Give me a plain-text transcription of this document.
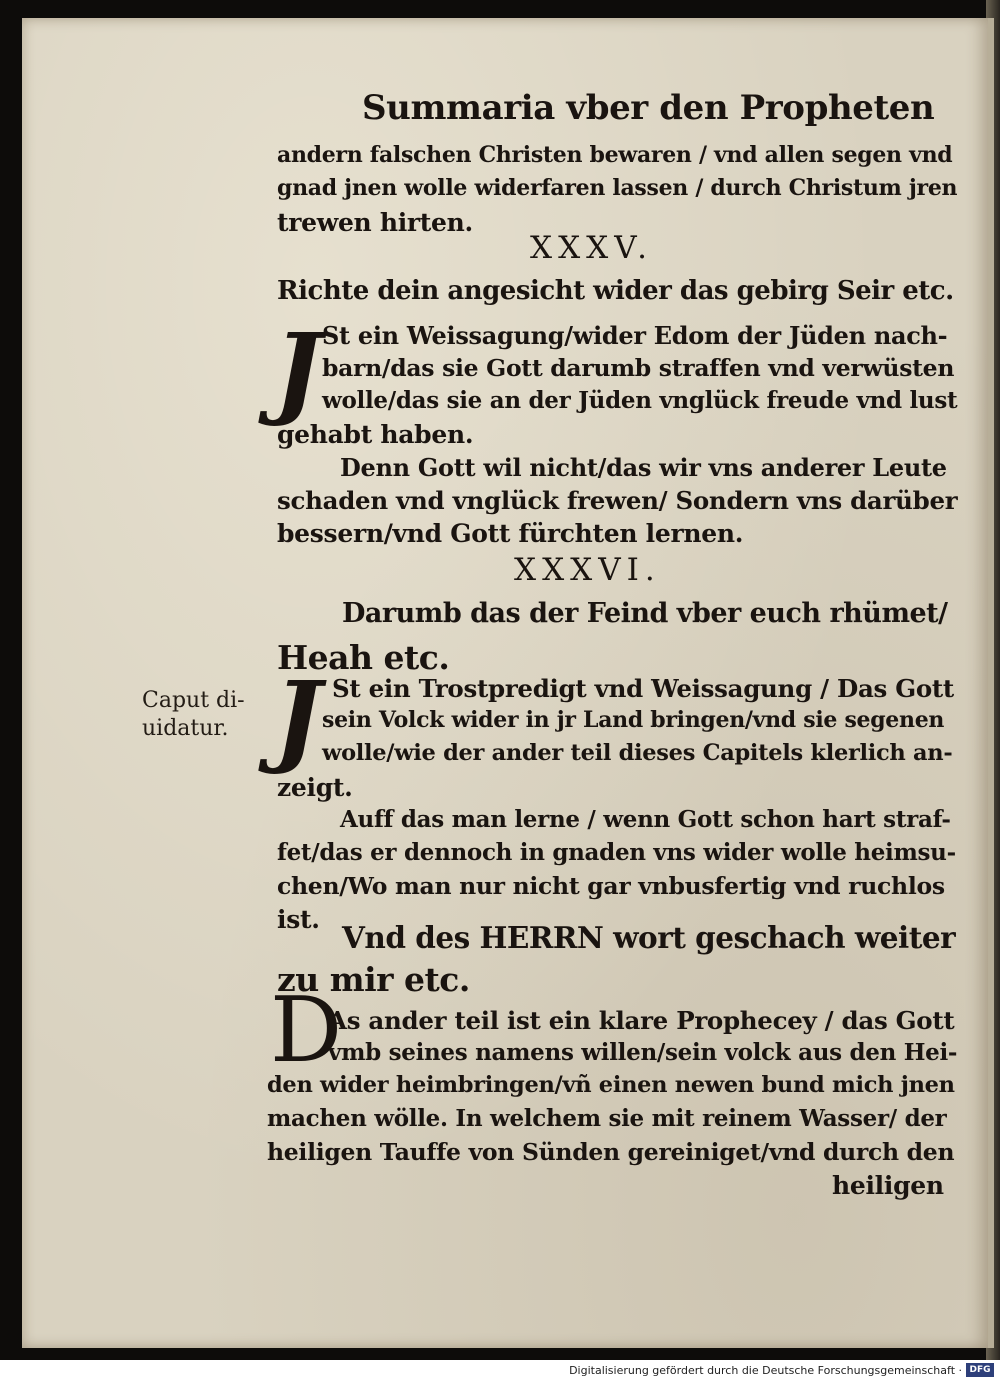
Summaria vber den Propheten
andern falschen Christen bewaren / vnd allen segen vnd
gnad jnen wolle widerfaren lassen / durch Christum jren
trewen hirten.
XXXV.
Richte dein angesicht wider das gebirg Seir etc.
J St ein Weissagung/wider Edom der Jüden nach-
barn/das sie Gott darumb straffen vnd verwüsten
wolle/das sie an der Jüden vnglück freude vnd lust
gehabt haben.
Denn Gott wil nicht/das wir vns anderer Leute
schaden vnd vnglück frewen/ Sondern vns darüber
bessern/vnd Gott fürchten lernen.
XXXVI.
Darumb das der Feind vber euch rhümet/
Heah etc.
Caput di-
uidatur. J St ein Trostpredigt vnd Weissagung / Das Gott
sein Volck wider in jr Land bringen/vnd sie segenen
wolle/wie der ander teil dieses Capitels klerlich an-
zeigt.
Auff das man lerne / wenn Gott schon hart straf-
fet/das er dennoch in gnaden vns wider wolle heimsu-
chen/Wo man nur nicht gar vnbusfertig vnd ruchlos
ist.
Vnd des HERRN wort geschach weiter
zu mir etc.
D
As ander teil ist ein klare Prophecey / das Gott
vmb seines namens willen/sein volck aus den Hei-
den wider heimbringen/vñ einen newen bund mich jnen
machen wölle. In welchem sie mit reinem Wasser/ der
heiligen Tauffe von Sünden gereiniget/vnd durch den
heiligen
Digitalisierung gefördert durch die Deutsche Forschungsgemeinschaft · DFG
